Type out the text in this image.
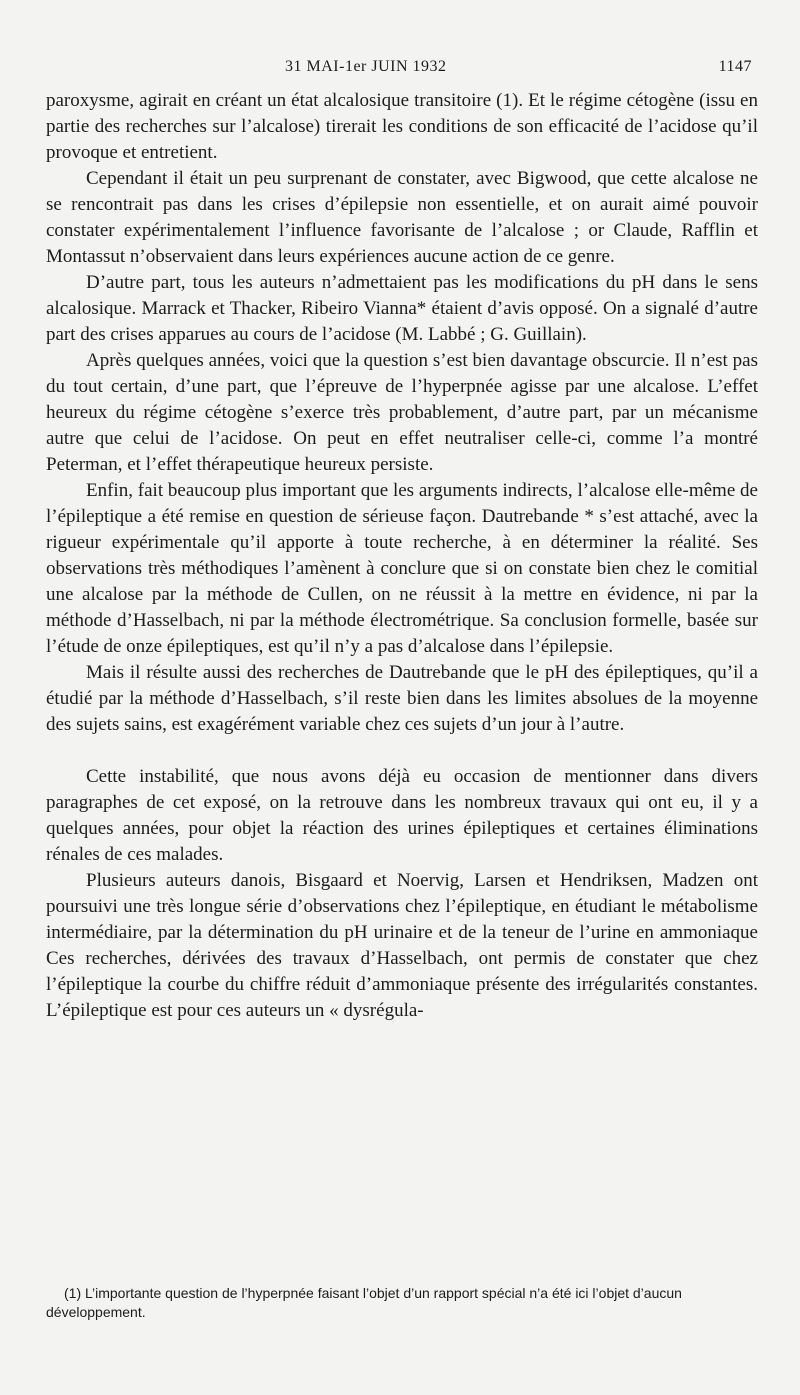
31 MAI-1er JUIN 1932	1147

paroxysme, agirait en créant un état alcalosique transitoire (1). Et le régime cétogène (issu en partie des recherches sur l’alcalose) tirerait les conditions de son efficacité de l’acidose qu’il provoque et entretient.

Cependant il était un peu surprenant de constater, avec Bigwood, que cette alcalose ne se rencontrait pas dans les crises d’épilepsie non essentielle, et on aurait aimé pouvoir constater expérimentalement l’influence favorisante de l’alcalose ; or Claude, Rafflin et Montassut n’observaient dans leurs expériences aucune action de ce genre.

D’autre part, tous les auteurs n’admettaient pas les modifications du pH dans le sens alcalosique. Marrack et Thacker, Ribeiro Vianna* étaient d’avis opposé. On a signalé d’autre part des crises apparues au cours de l’acidose (M. Labbé ; G. Guillain).

Après quelques années, voici que la question s’est bien davantage obscurcie. Il n’est pas du tout certain, d’une part, que l’épreuve de l’hyperpnée agisse par une alcalose. L’effet heureux du régime cétogène s’exerce très probablement, d’autre part, par un mécanisme autre que celui de l’acidose. On peut en effet neutraliser celle-ci, comme l’a montré Peterman, et l’effet thérapeutique heureux persiste.

Enfin, fait beaucoup plus important que les arguments indirects, l’alcalose elle-même de l’épileptique a été remise en question de sérieuse façon. Dautrebande * s’est attaché, avec la rigueur expérimentale qu’il apporte à toute recherche, à en déterminer la réalité. Ses observations très méthodiques l’amènent à conclure que si on constate bien chez le comitial une alcalose par la méthode de Cullen, on ne réussit à la mettre en évidence, ni par la méthode d’Hasselbach, ni par la méthode électrométrique. Sa conclusion formelle, basée sur l’étude de onze épileptiques, est qu’il n’y a pas d’alcalose dans l’épilepsie.

Mais il résulte aussi des recherches de Dautrebande que le pH des épileptiques, qu’il a étudié par la méthode d’Hasselbach, s’il reste bien dans les limites absolues de la moyenne des sujets sains, est exagérément variable chez ces sujets d’un jour à l’autre.

Cette instabilité, que nous avons déjà eu occasion de mentionner dans divers paragraphes de cet exposé, on la retrouve dans les nombreux travaux qui ont eu, il y a quelques années, pour objet la réaction des urines épileptiques et certaines éliminations rénales de ces malades.

Plusieurs auteurs danois, Bisgaard et Noervig, Larsen et Hendriksen, Madzen ont poursuivi une très longue série d’observations chez l’épileptique, en étudiant le métabolisme intermédiaire, par la détermination du pH urinaire et de la teneur de l’urine en ammoniaque Ces recherches, dérivées des travaux d’Hasselbach, ont permis de constater que chez l’épileptique la courbe du chiffre réduit d’ammoniaque présente des irrégularités constantes. L’épileptique est pour ces auteurs un « dysrégula-

(1) L’importante question de l’hyperpnée faisant l’objet d’un rapport spécial n’a été ici l’objet d’aucun développement.
